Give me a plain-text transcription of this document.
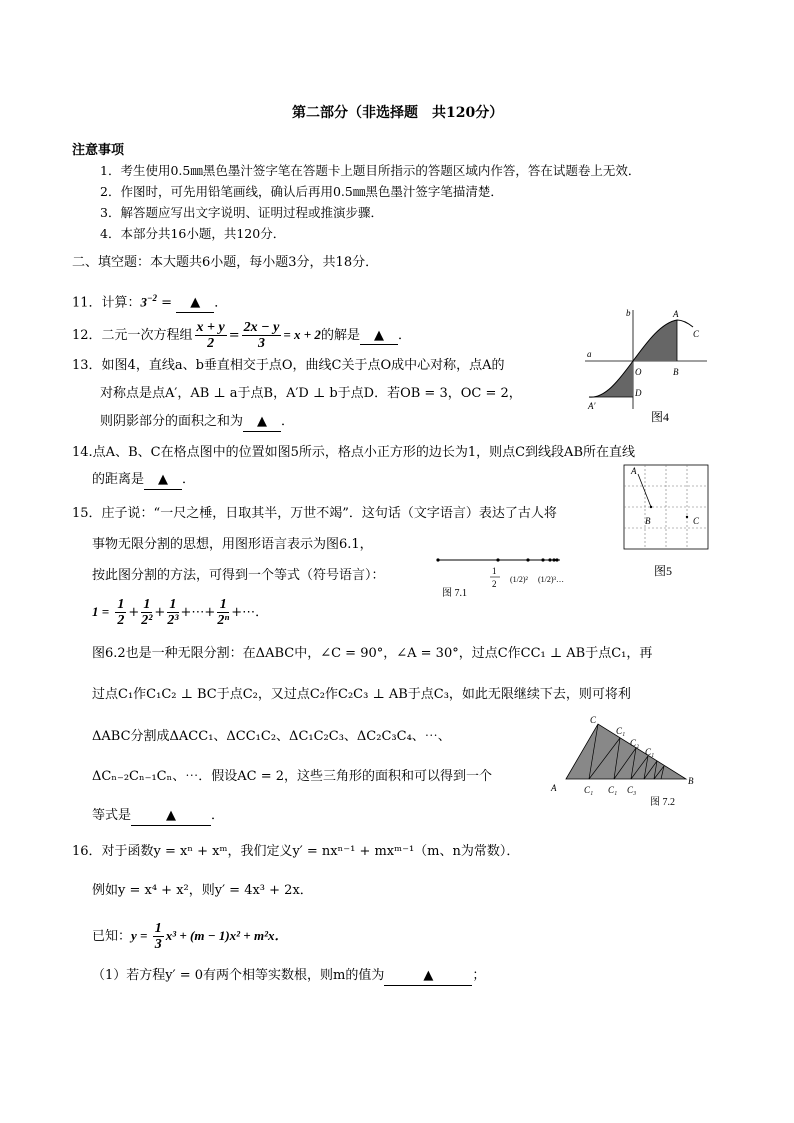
第二部分（非选择题　共120分）
注意事项
1．考生使用0.5㎜黑色墨汁签字笔在答题卡上题目所指示的答题区域内作答，答在试题卷上无效．
2．作图时，可先用铅笔画线，确认后再用0.5㎜黑色墨汁签字笔描清楚．
3．解答题应写出文字说明、证明过程或推演步骤．
4．本部分共16小题，共120分．
二、填空题：本大题共6小题，每小题3分，共18分．
11．计算：$3^{-2}$ = ▲ ．
12．二元一次方程组 $\frac{x + y}{2} = \frac{2x - y}{3} = x + 2$的解是 ▲ ．
13．如图4，直线a、b垂直相交于点O，曲线C关于点O成中心对称，点A的
对称点是点A′，AB ⊥ a于点B，A′D ⊥ b于点D．若OB = 3，OC = 2，
则阴影部分的面积之和为 ▲ ．
b
a
A
C
O	B
D
A′
图4
14.点A、B、C在格点图中的位置如图5所示，格点小正方形的边长为1，则点C到线段AB所在直线
的距离是 ▲ ．
A
B	C
图5
15．庄子说：“一尺之棰，日取其半，万世不竭”．这句话（文字语言）表达了古人将
事物无限分割的思想，用图形语言表示为图6.1，
按此图分割的方法，可得到一个等式（符号语言）：
图 7.1
1
2 (1/2)² (1/2)³…
$1 = \frac{1}{2} + \frac{1}{\text{2²}} + \frac{1}{\text{2³}}$ +⋯+ $\frac{1}{\text{2ⁿ}}$ +⋯．
图6.2也是一种无限分割：在ΔABC中，∠C = 90°，∠A = 30°，过点C作CC₁ ⊥ AB于点C₁，再
过点C₁作C₁C₂ ⊥ BC于点C₂，又过点C₂作C₂C₃ ⊥ AB于点C₃，如此无限继续下去，则可将利
ΔABC分割成ΔACC₁、ΔCC₁C₂、ΔC₁C₂C₃、ΔC₂C₃C₄、⋯、
ΔCₙ₋₂Cₙ₋₁Cₙ、⋯．假设AC = 2，这些三角形的面积和可以得到一个
等式是	▲	．
C
A
B
C₁ C₁ C₃
C₁
C₂
C₁
图 7.2
16．对于函数y = xⁿ + xᵐ，我们定义y′ = nxⁿ⁻¹ + mxᵐ⁻¹（m、n为常数）．
例如y = x⁴ + x²，则y′ = 4x³ + 2x．
已知：$y = \frac{1}{3} x^3 + (m - 1)x^2 + m^2x$．
（1）若方程y′ = 0有两个相等实数根，则m的值为	▲	；
